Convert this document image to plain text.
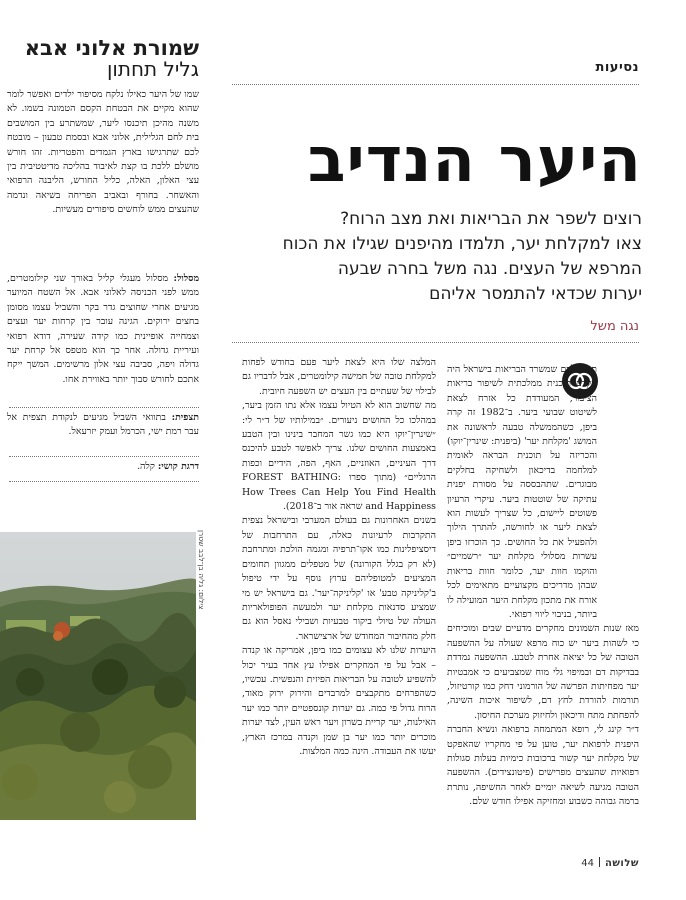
שמורת אלוני אבא
גליל תחתון
שמו של היער כאילו נלקח מסיפור ילדים ואפשר לומר שהוא מקיים את הבטחת הקסם הטמונה בשמו. לא משנה מהיכן תיכנסו ליער, שמשתרע בין המושבים בית לחם הגלילית, אלוני אבא ובסמת טבעון – מובטח לכם שתרגישו בארץ הגמדים והפטריות. זהו חורש מושלם ללכת בו קצת לאיבוד בהליכה מדיטטיבית בין עצי האלון, האלה, כליל החורש, הליבנה הרפואי והאשחר. בחורף ובאביב הפריחה בשיאה ונדמה שהעצים ממש לוחשים סיפורים מעשיות.
מסלול: מסלול מעגלי קליל באורך שני קילומטרים, ממש לפני הכניסה לאלוני אבא. אל השטח המיוער מגיעים אחרי שחוצים גדר בקר והשביל עצמו מסומן בחצים ירוקים. הגינה עובר בין קרחות יער ועצים וצמחייה אופיינית כמו קידה שעירה, דודא רפואי ועיריית גדולה. אחר כך הוא מטפס אל קרחת יער גדולה ויפה, סביבה עצי אלון מרשימים. המשך ייקח אתכם לחורש סבוך יותר באווירת אחו.
תצפית: בתוואי השביל מגיעים לנקודת תצפית אל עבר רמת ישי, הכרמל ועמק יזרעאל.
דרגת קושי: קלה.
צילום: גליה בן־לבב שטרן
נסיעות
היער הנדיב
רוצים לשפר את הבריאות ואת מצב הרוח?
צאו למקלחת יער, תלמדו מהיפנים שגילו את הכוח
המרפא של העצים. נגה משל בחרה שבעה
יערות שכדאי להתמסר אליהם
נגה משל

תארו לכם שמשרד הבריאות בישראל היה מקדם תוכנית ממלכתית לשיפור בריאות הציבור, המעודדת כל אזרח לצאת לשיטוט שבועי ביער. ב־1982 זה קרה ביפן, כשהממשלה טבעה לראשונה את המושג 'מקלחת יער' (ביפנית: שינרין־יוקו) והכריזה על תוכנית הבראה לאומית למלחמה בדיכאון ולשחיקה בחלקים מבוגרים. שתהבססה על מסורת יפנית עתיקה של שוטטות ביער. עיקרי הרעיון פשוטים ליישום, כל שצריך לעשות הוא לצאת ליער או לחורשה, להתרך הילוך ולהפעיל את כל החושים. כך הוכרזו ביפן עשרות מסלולי מקלחת יער ״רשמיים״ והוקמו חוות יער, כלומר חוות בריאות שבהן מדריכים מקצועיים מתאימים לכל אורח את מתכון מקלחת היער המועילה לו ביותר, בניבוי ליווי רפואי.

מאז שנות השמונים מחקרים מדעיים שבים ומוכיחים כי לשהות ביער יש כוח מרפא שעולה על ההשפעה הטובה של כל יציאה אחרת לטבע. ההשפעה נמדדת בבדיקות דם ובמיפוי גלי מוח שמצביעים כי אמבטיות יער מפחיתות הפרשה של הורמוני דחק כמו קורטיזול, תורמות להורדת לחץ דם, לשיפור איכות השינה, להפחתת מתח ודיכאון ולחיזוק מערכת החיסון.

ד״ר קינג לי, רופא המתמחה ברפואה ונשיא החברה היפנית לרפואת יער, טוען על פי מחקריו שהאפקט של מקלחת יער קשור ברכובות כימיות בעלות סגולות רפואיות שהעצים מפרישים (פיטונצידים). ההשפעה הטובה מגיעה לשיאה יומיים לאחר החשיפה, נותרת ברמה גבוהה כשבוע ומחזיקה אפילו חודש שלם.

המלצה שלו היא לצאת ליער פעם בחודש לפחות למקלחת טובה של חמישה קילומטרים, אבל לדבריו גם לבילוי של שעתיים בין העצים יש השפעה חיובית.

מה שחשוב הוא לא הטיול עצמו אלא נתו הזמן ביער, במהלכו כל החושים ניעורים. ״במילותיו של ד״ר לי: ״שינרין־יוקו היא כמו גשר המחבר בינינו ובין הטבע באמצעות החושים שלנו. צריך לאפשר לטבע להיכנס דרך העיניים, האוזניים, האף, הפה, הידיים וכפות הרגליים״ (מתוך ספרו FOREST BATHING: How Trees Can Help You Find Health and Happiness שראה אור ב־2018).

בשנים האחרונות גם בעולם המערבי ובישראל נצפית התקרבות לרעיונות כאלה, עם התרחבות של דיסציפלינות כמו אקו־תרפיה ומגמה הולכת ומתרחבת (לא רק בגלל הקורונה) של מטפלים ממגוון תחומים המציעים למטופליהם ערוץ נוסף על ידי טיפול ב'קליניקה טבע' או 'קליניקה־יער'. גם בישראל יש מי שמציע סדנאות מקלחת יער ולמעשה הפופולאריות העולה של טיולי ביקור טבעיות ושבילי נאסל הוא גם חלק מהחיבור המחודש של ארצישראר.

היערות שלנו לא עצומים כמו ביפן, אמריקה או קנדה – אבל על פי המחקרים אפילו עץ אחד בעיר יכול להשפיע לטובה על הבריאות הפיזית והנפשית. עכשיו, כשהפרחים מתקבצים למרבדים והירוק ירוק מאוד, הרוח גדול פי כמה. גם יערות קונספטיים יותר כמו יער האילנות, יער קריית בשרון ויער ראש העין, לצד יערות מוכרים יותר כמו יער בן שמן וקנדה במרכז הארץ, יעשו את העבודה. הינה כמה המלצות.

שלושה44
